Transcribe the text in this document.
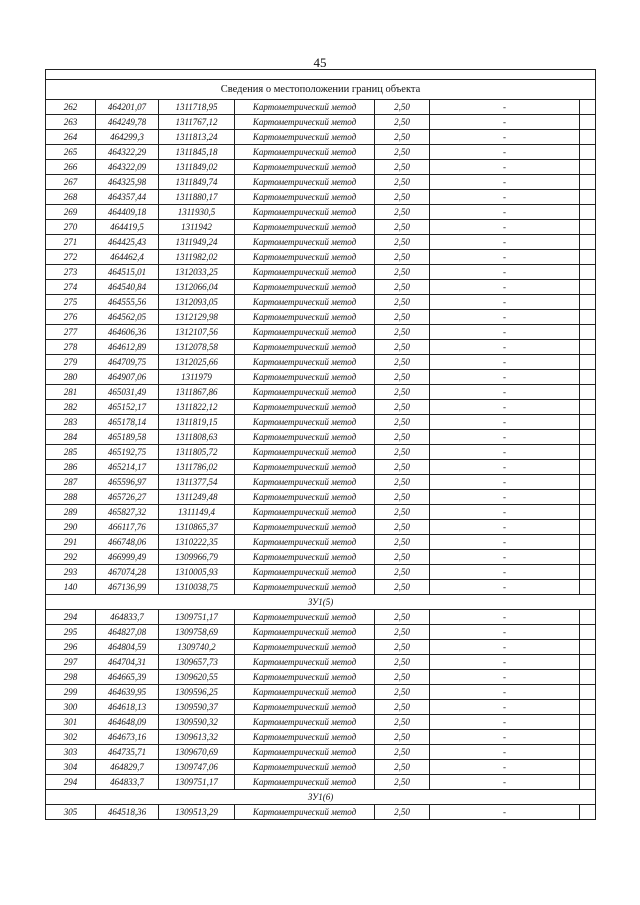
45

Сведения о местоположении границ объекта						
262	464201,07	1311718,95	Картометрический метод	2,50	-	
263	464249,78	1311767,12	Картометрический метод	2,50	-	
264	464299,3	1311813,24	Картометрический метод	2,50	-	
265	464322,29	1311845,18	Картометрический метод	2,50	-	
266	464322,09	1311849,02	Картометрический метод	2,50	-	
267	464325,98	1311849,74	Картометрический метод	2,50	-	
268	464357,44	1311880,17	Картометрический метод	2,50	-	
269	464409,18	1311930,5	Картометрический метод	2,50	-	
270	464419,5	1311942	Картометрический метод	2,50	-	
271	464425,43	1311949,24	Картометрический метод	2,50	-	
272	464462,4	1311982,02	Картометрический метод	2,50	-	
273	464515,01	1312033,25	Картометрический метод	2,50	-	
274	464540,84	1312066,04	Картометрический метод	2,50	-	
275	464555,56	1312093,05	Картометрический метод	2,50	-	
276	464562,05	1312129,98	Картометрический метод	2,50	-	
277	464606,36	1312107,56	Картометрический метод	2,50	-	
278	464612,89	1312078,58	Картометрический метод	2,50	-	
279	464709,75	1312025,66	Картометрический метод	2,50	-	
280	464907,06	1311979	Картометрический метод	2,50	-	
281	465031,49	1311867,86	Картометрический метод	2,50	-	
282	465152,17	1311822,12	Картометрический метод	2,50	-	
283	465178,14	1311819,15	Картометрический метод	2,50	-	
284	465189,58	1311808,63	Картометрический метод	2,50	-	
285	465192,75	1311805,72	Картометрический метод	2,50	-	
286	465214,17	1311786,02	Картометрический метод	2,50	-	
287	465596,97	1311377,54	Картометрический метод	2,50	-	
288	465726,27	1311249,48	Картометрический метод	2,50	-	
289	465827,32	1311149,4	Картометрический метод	2,50	-	
290	466117,76	1310865,37	Картометрический метод	2,50	-	
291	466748,06	1310222,35	Картометрический метод	2,50	-	
292	466999,49	1309966,79	Картометрический метод	2,50	-	
293	467074,28	1310005,93	Картометрический метод	2,50	-	
140	467136,99	1310038,75	Картометрический метод	2,50	-	
ЗУ1(5)						
294	464833,7	1309751,17	Картометрический метод	2,50	-	
295	464827,08	1309758,69	Картометрический метод	2,50	-	
296	464804,59	1309740,2	Картометрический метод	2,50	-	
297	464704,31	1309657,73	Картометрический метод	2,50	-	
298	464665,39	1309620,55	Картометрический метод	2,50	-	
299	464639,95	1309596,25	Картометрический метод	2,50	-	
300	464618,13	1309590,37	Картометрический метод	2,50	-	
301	464648,09	1309590,32	Картометрический метод	2,50	-	
302	464673,16	1309613,32	Картометрический метод	2,50	-	
303	464735,71	1309670,69	Картометрический метод	2,50	-	
304	464829,7	1309747,06	Картометрический метод	2,50	-	
294	464833,7	1309751,17	Картометрический метод	2,50	-	
ЗУ1(6)						
305	464518,36	1309513,29	Картометрический метод	2,50	-	
